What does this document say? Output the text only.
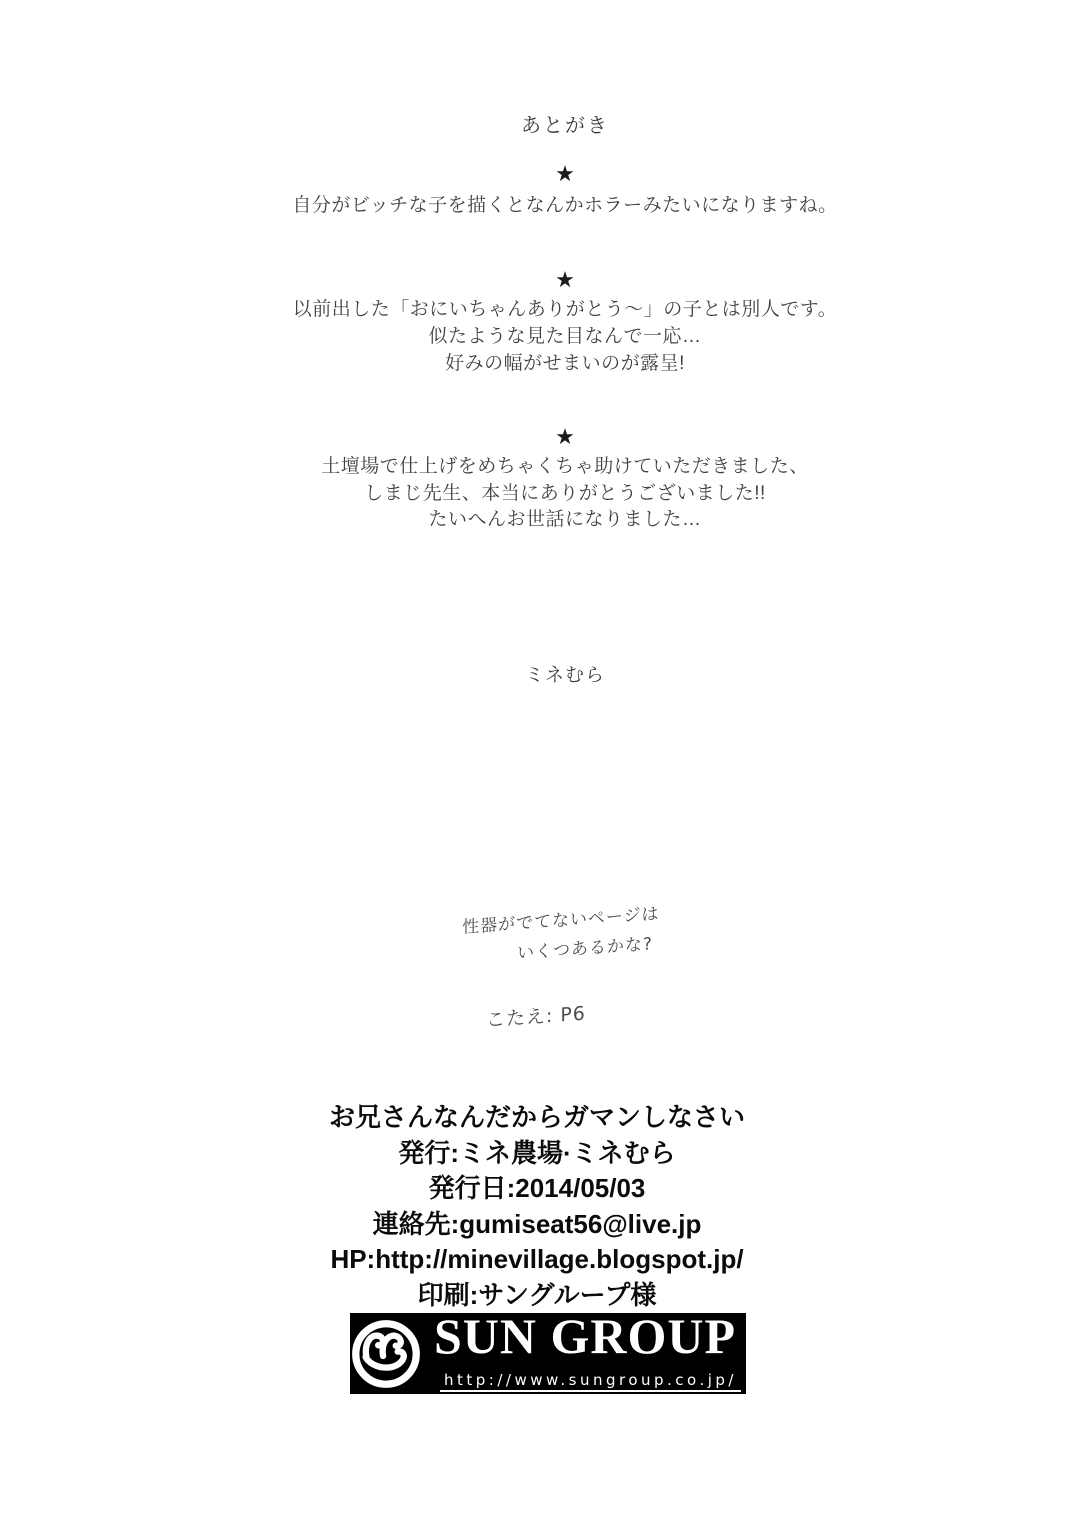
あとがき
★
自分がビッチな子を描くとなんかホラーみたいになりますね。
★
以前出した「おにいちゃんありがとう〜」の子とは別人です。
似たような見た目なんで一応…
好みの幅がせまいのが露呈!
★
土壇場で仕上げをめちゃくちゃ助けていただきました、
しまじ先生、本当にありがとうございました!!
たいへんお世話になりました…
ミネむら
性器がでてないページは
いくつあるかな?
こたえ: P6
お兄さんなんだからガマンしなさい
発行:ミネ農場·ミネむら
発行日:2014/05/03
連絡先:gumiseat56@live.jp
HP:http://minevillage.blogspot.jp/
印刷:サングループ様
SUN GROUP
http://www.sungroup.co.jp/
